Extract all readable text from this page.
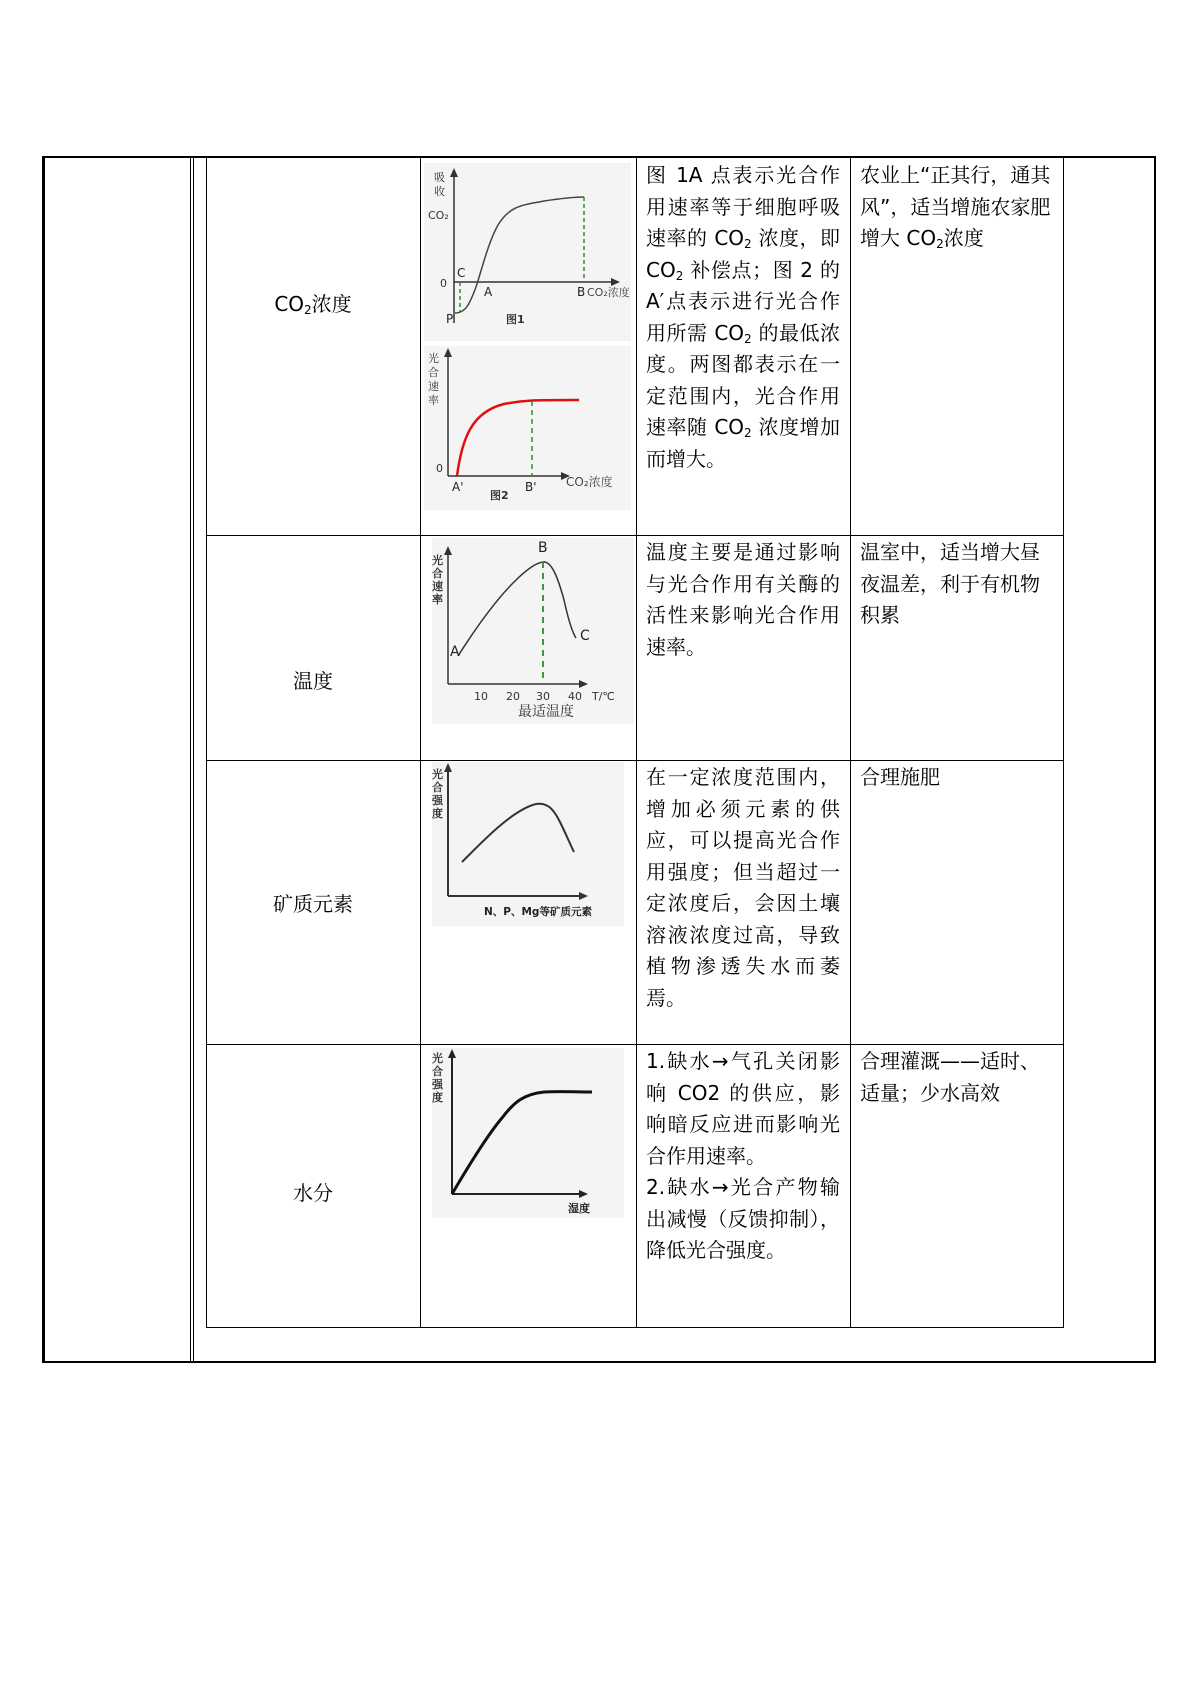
$CO_2$浓度
图 1A 点表示光合作用速率等于细胞呼吸速率的 $CO_2$ 浓度，即 $CO_2$ 补偿点；图 2 的 A′点表示进行光合作用所需 $CO_2$ 的最低浓度。两图都表示在一定范围内，光合作用速率随 $CO_2$ 浓度增加而增大。
农业上“正其行，通其风”，适当增施农家肥增大 $CO_2$浓度
吸
收
CO₂
0
C
A	B
P
CO₂浓度
图1
光
合
速
率
0
A'	B' CO₂浓度
图2
温度
温度主要是通过影响与光合作用有关酶的活性来影响光合作用速率。
温室中，适当增大昼夜温差，利于有机物积累
光
合
速
率
A
B
C
10 20 30 40 T/℃
最适温度
矿质元素
在一定浓度范围内，增加必须元素的供应，可以提高光合作用强度；但当超过一定浓度后，会因土壤溶液浓度过高，导致植物渗透失水而萎焉。
合理施肥
光
合
强
度
N、P、Mg等矿质元素
水分

1.缺水→气孔关闭影响 CO2 的供应，影响暗反应进而影响光合作用速率。

2.缺水→光合产物输出减慢（反馈抑制），降低光合强度。

合理灌溉——适时、适量；少水高效
光
合
强
度
湿度
